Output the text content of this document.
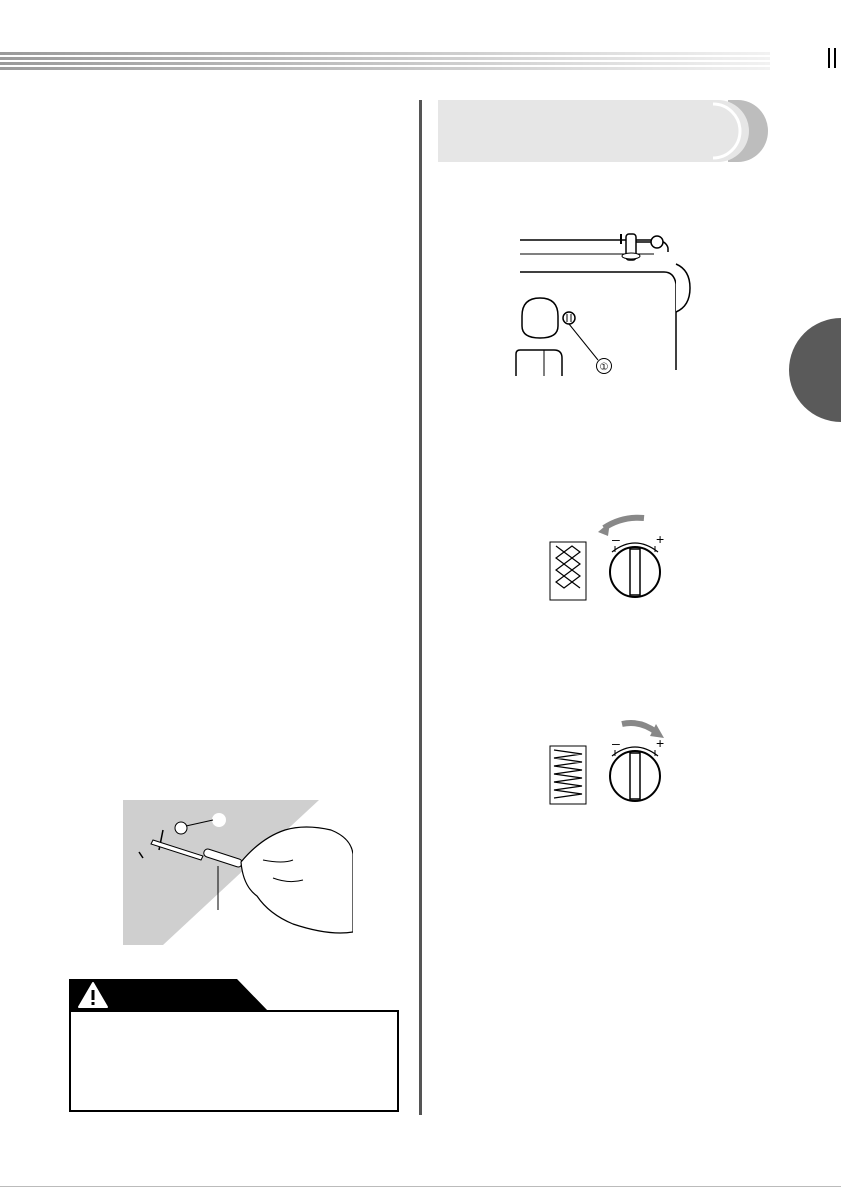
①
–	+
–	+
